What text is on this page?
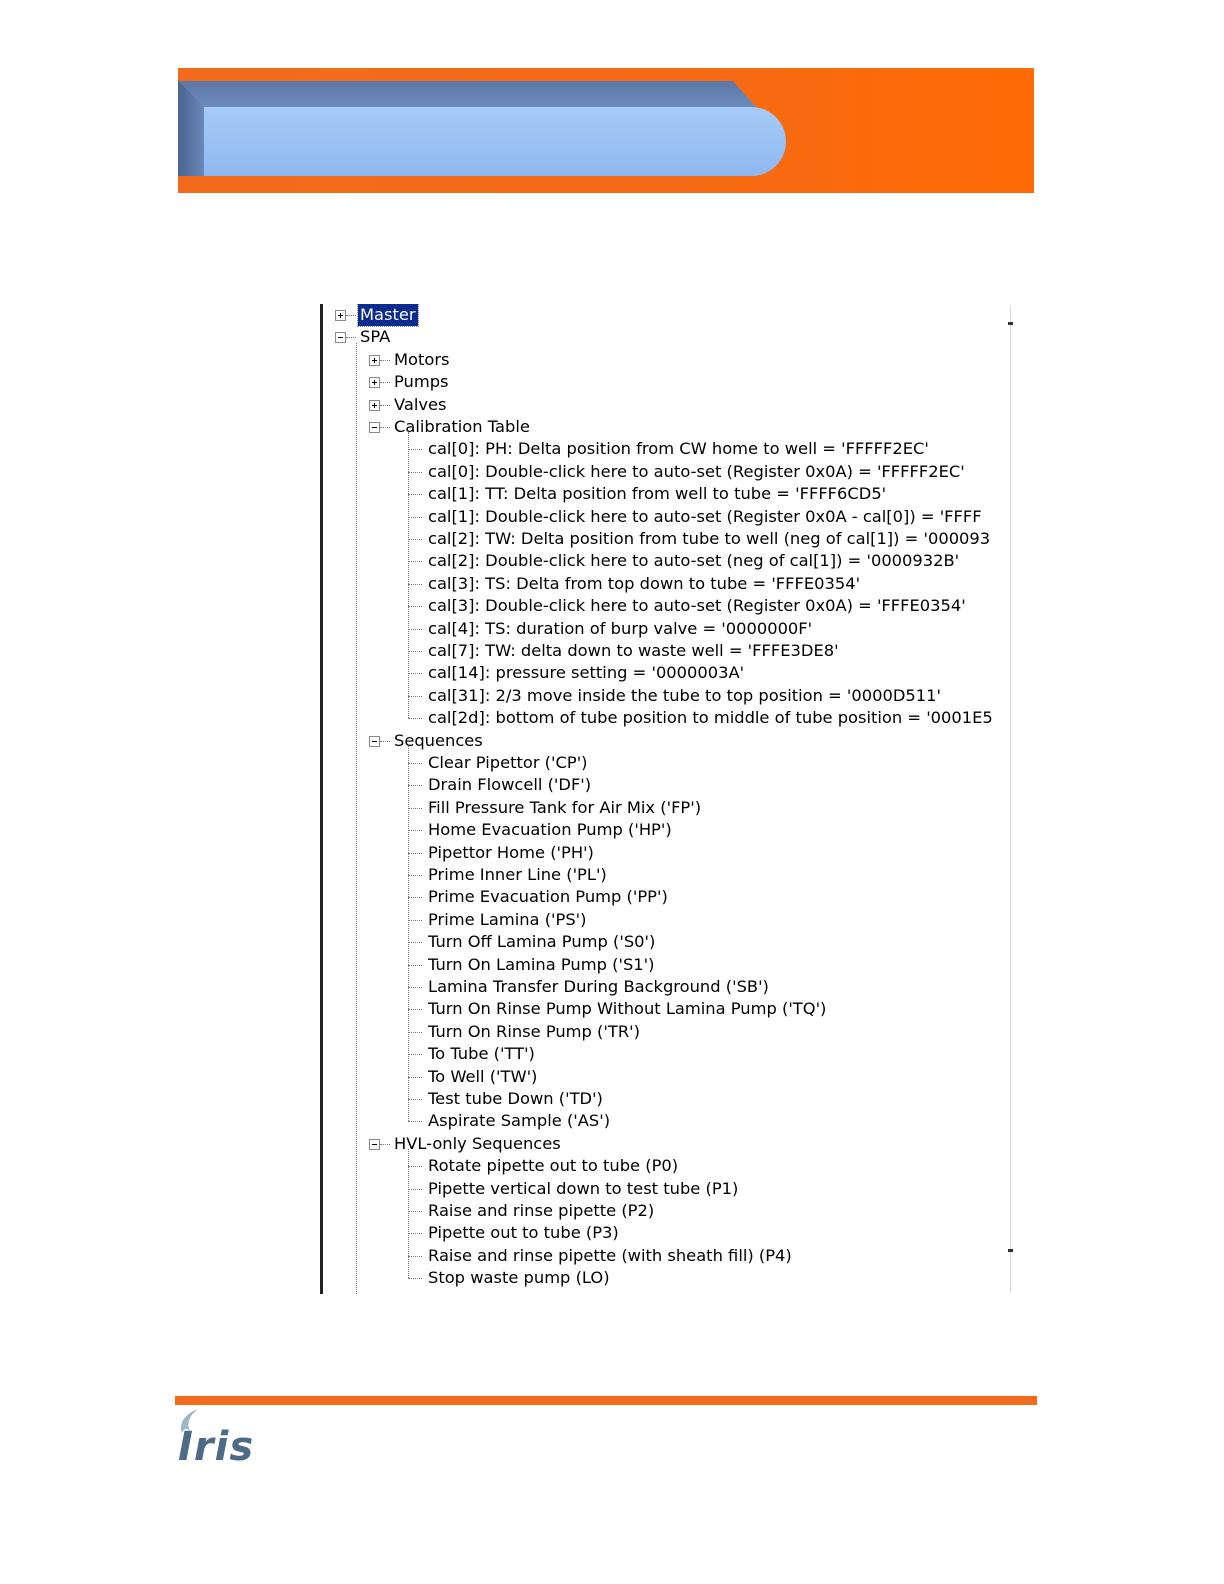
Master
SPA
Motors
Pumps
Valves
Calibration Table
cal[0]: PH: Delta position from CW home to well = 'FFFFF2EC'
cal[0]: Double-click here to auto-set (Register 0x0A) = 'FFFFF2EC'
cal[1]: TT: Delta position from well to tube = 'FFFF6CD5'
cal[1]: Double-click here to auto-set (Register 0x0A - cal[0]) = 'FFFF
cal[2]: TW: Delta position from tube to well (neg of cal[1]) = '000093
cal[2]: Double-click here to auto-set (neg of cal[1]) = '0000932B'
cal[3]: TS: Delta from top down to tube = 'FFFE0354'
cal[3]: Double-click here to auto-set (Register 0x0A) = 'FFFE0354'
cal[4]: TS: duration of burp valve = '0000000F'
cal[7]: TW: delta down to waste well = 'FFFE3DE8'
cal[14]: pressure setting = '0000003A'
cal[31]: 2/3 move inside the tube to top position = '0000D511'
cal[2d]: bottom of tube position to middle of tube position = '0001E5
Sequences
Clear Pipettor ('CP')
Drain Flowcell ('DF')
Fill Pressure Tank for Air Mix ('FP')
Home Evacuation Pump ('HP')
Pipettor Home ('PH')
Prime Inner Line ('PL')
Prime Evacuation Pump ('PP')
Prime Lamina ('PS')
Turn Off Lamina Pump ('S0')
Turn On Lamina Pump ('S1')
Lamina Transfer During Background ('SB')
Turn On Rinse Pump Without Lamina Pump ('TQ')
Turn On Rinse Pump ('TR')
To Tube ('TT')
To Well ('TW')
Test tube Down ('TD')
Aspirate Sample ('AS')
HVL-only Sequences
Rotate pipette out to tube (P0)
Pipette vertical down to test tube (P1)
Raise and rinse pipette (P2)
Pipette out to tube (P3)
Raise and rinse pipette (with sheath fill) (P4)
Stop waste pump (LO)
Iris
